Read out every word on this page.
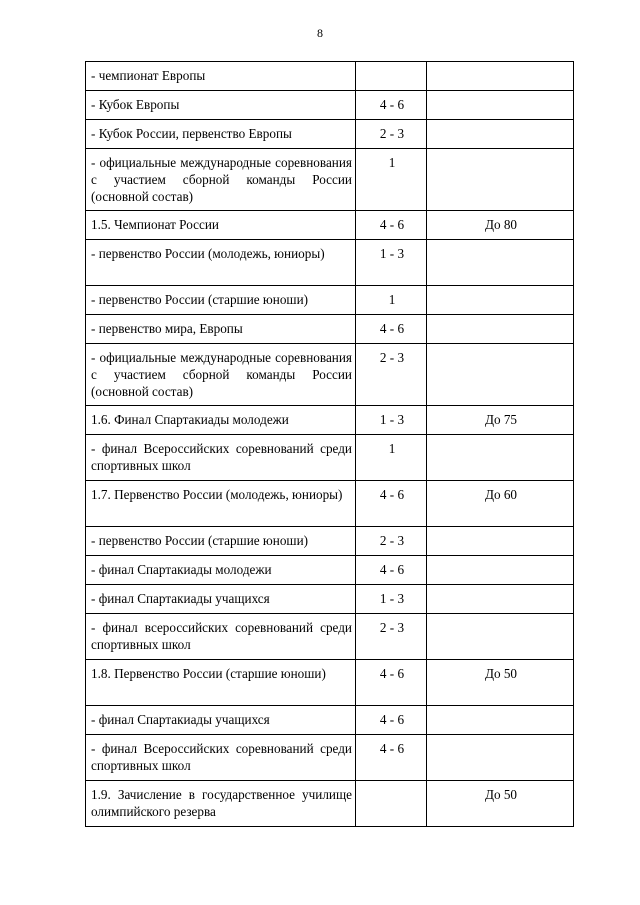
8
- чемпионат Европы		
- Кубок Европы	4 - 6	
- Кубок России, первенство Европы	2 - 3	
- официальные международные соревнования с участием сборной команды России (основной состав)	1	
1.5. Чемпионат России	4 - 6	До 80
- первенство России (молодежь, юниоры)	1 - 3	
- первенство России (старшие юноши)	1	
- первенство мира, Европы	4 - 6	
- официальные международные соревнования с участием сборной команды России (основной состав)	2 - 3	
1.6. Финал Спартакиады молодежи	1 - 3	До 75
- финал Всероссийских соревнований среди спортивных школ	1	
1.7. Первенство России (молодежь, юниоры)	4 - 6	До 60
- первенство России (старшие юноши)	2 - 3	
- финал Спартакиады молодежи	4 - 6	
- финал Спартакиады учащихся	1 - 3	
- финал всероссийских соревнований среди спортивных школ	2 - 3	
1.8. Первенство России (старшие юноши)	4 - 6	До 50
- финал Спартакиады учащихся	4 - 6	
- финал Всероссийских соревнований среди спортивных школ	4 - 6	
1.9. Зачисление в государственное училище олимпийского резерва		До 50
